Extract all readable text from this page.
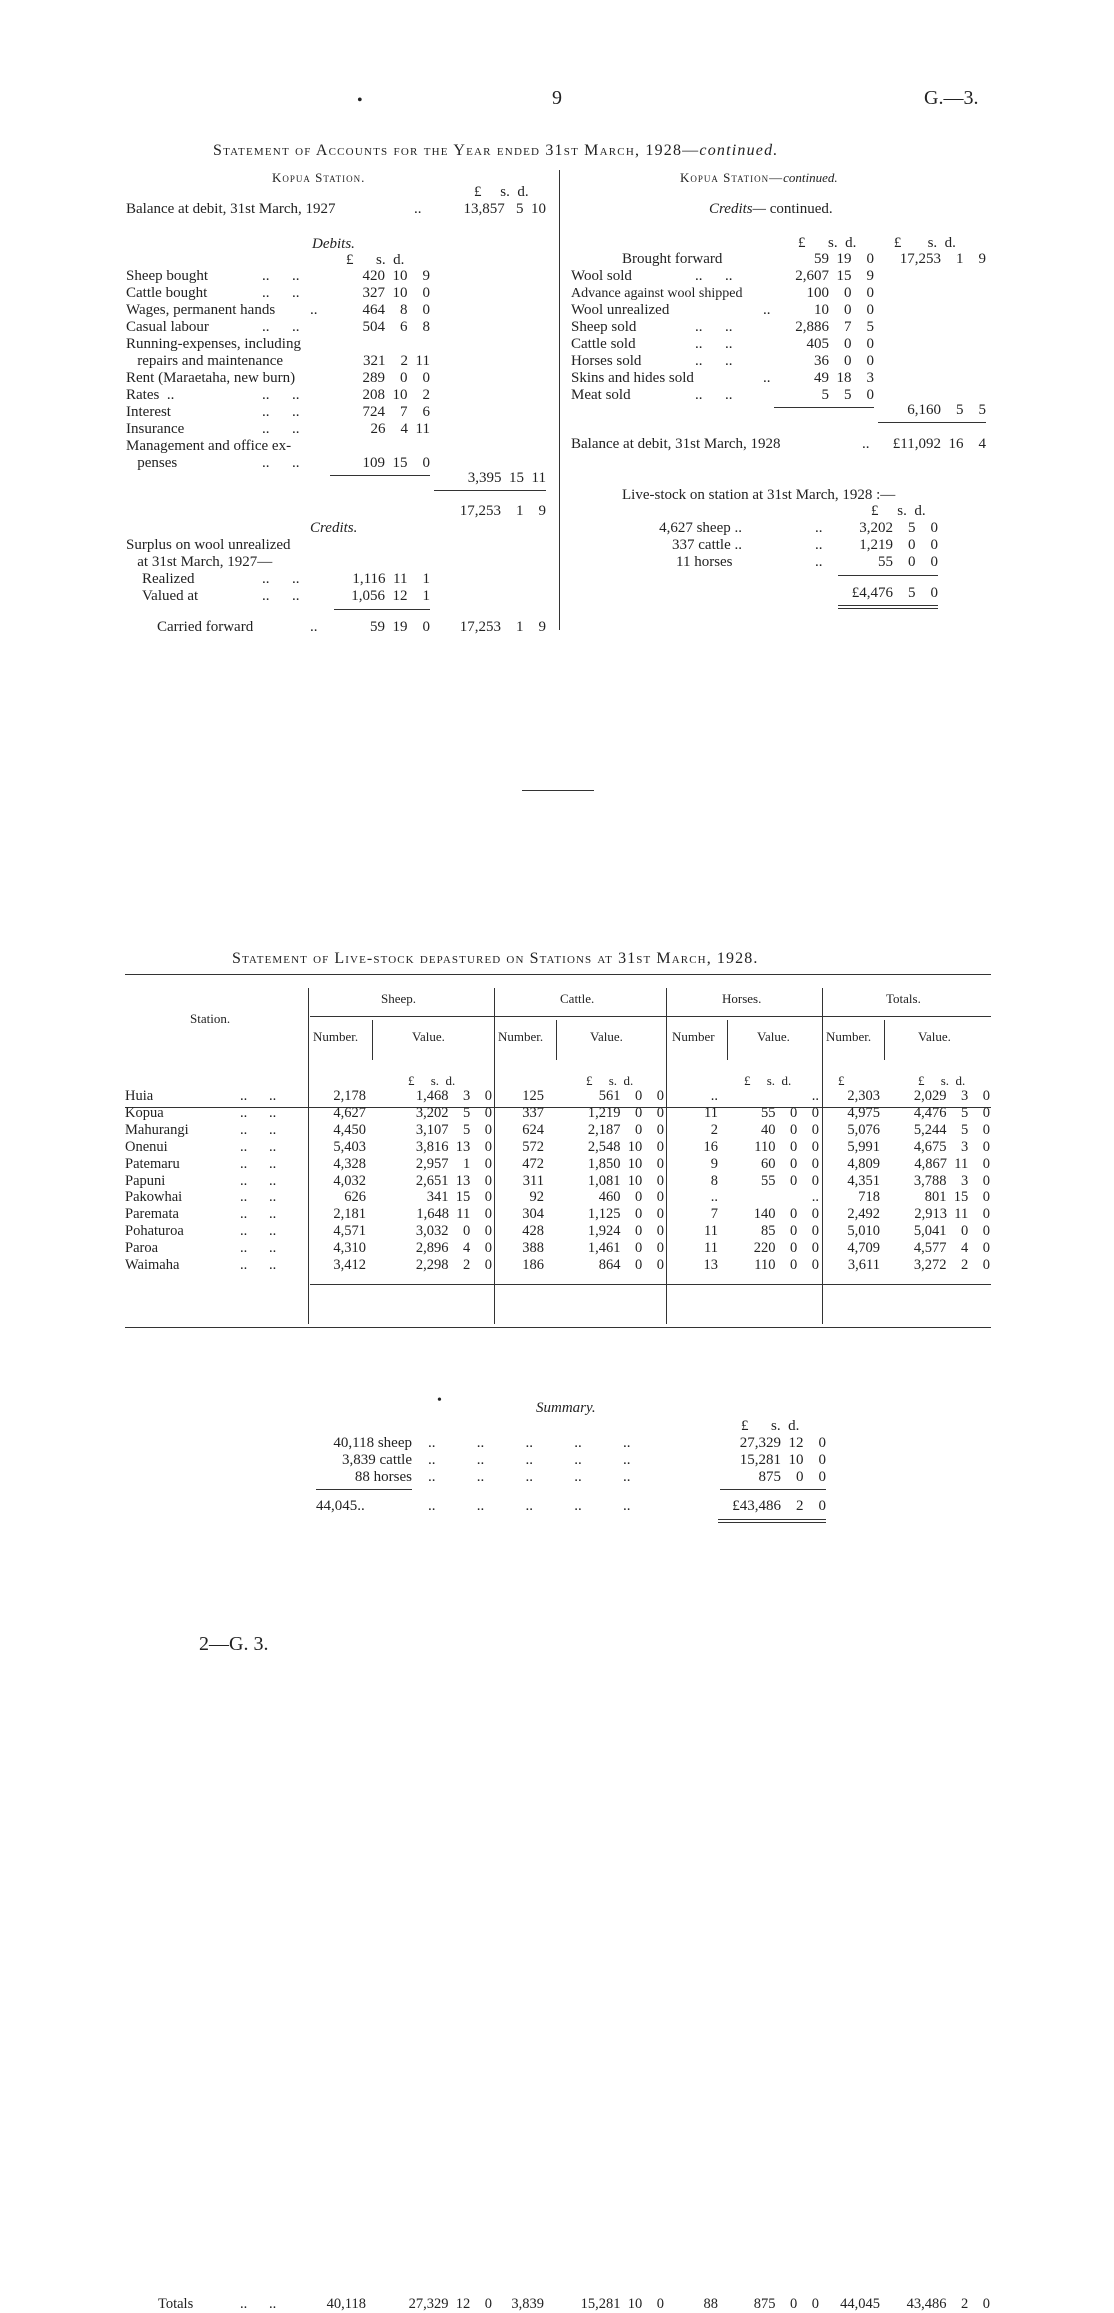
•	9	G.—3.
Statement of Accounts for the Year ended 31st March, 1928—continued.
Kopua Station.
£     s.  d.
Balance at debit, 31st March, 1927	..	13,857   5  10
Debits.
£      s.  d.
Sheep bought	..      ..	420  10    9
Cattle bought	..      ..	327  10    0
Wages, permanent hands ..	464    8    0
Casual labour	..      ..	504    6    8
Running-expenses, including
repairs and maintenance	321    2  11
Rent (Maraetaha, new burn)	289    0    0
Rates  ..	..      ..	208  10    2
Interest	..      ..	724    7    6
Insurance	..      ..	26    4  11
Management and office ex-
penses	..      ..	109  15    0
3,395  15  11
17,253    1    9
Credits.
Surplus on wool unrealized
at 31st March, 1927—
Realized	..      ..	1,116  11    1
Valued at	..      ..	1,056  12    1
Carried forward	..	59  19    0	17,253    1    9
Kopua Station—continued.
Credits— continued.
£      s.  d.          £       s.  d.
Brought forward	59  19    0	17,253    1    9
Wool sold	..      ..	2,607  15    9
Advance against wool shipped	100    0    0
Wool unrealized	..	10    0    0
Sheep sold	..      ..	2,886    7    5
Cattle sold	..      ..	405    0    0
Horses sold	..      ..	36    0    0
Skins and hides sold	..	49  18    3
Meat sold	..      ..	5    5    0
6,160    5    5
Balance at debit, 31st March, 1928	..	£11,092  16    4
Live-stock on station at 31st March, 1928 :—
£     s.  d.
4,627 sheep ..	..	3,202    5    0
337 cattle ..	..	1,219    0    0
11 horses	..	55    0    0
£4,476    5    0
Statement of Live-stock depastured on Stations at 31st March, 1928.
Station.
Sheep.	Cattle.	Horses.	Totals.
Number.	Value.	Number.	Value.	Number	Value.	Number.	Value.
£     s.  d.	£     s.  d.	£     s.  d.	£	£     s.  d.
Huia	..      ..	2,178	1,468    3    0	125	561    0    0	..	..	2,303	2,029    3    0
Kopua	..      ..	4,627	3,202    5    0	337	1,219    0    0	11	55    0    0	4,975	4,476    5    0
Mahurangi	..      ..	4,450	3,107    5    0	624	2,187    0    0	2	40    0    0	5,076	5,244    5    0
Onenui	..      ..	5,403	3,816  13    0	572	2,548  10    0	16	110    0    0	5,991	4,675    3    0
Patemaru	..      ..	4,328	2,957    1    0	472	1,850  10    0	9	60    0    0	4,809	4,867  11    0
Papuni	..      ..	4,032	2,651  13    0	311	1,081  10    0	8	55    0    0	4,351	3,788    3    0
Pakowhai	..      ..	626	341  15    0	92	460    0    0	..	..	718	801  15    0
Paremata	..      ..	2,181	1,648  11    0	304	1,125    0    0	7	140    0    0	2,492	2,913  11    0
Pohaturoa	..      ..	4,571	3,032    0    0	428	1,924    0    0	11	85    0    0	5,010	5,041    0    0
Paroa	..      ..	4,310	2,896    4    0	388	1,461    0    0	11	220    0    0	4,709	4,577    4    0
Waimaha	..      ..	3,412	2,298    2    0	186	864    0    0	13	110    0    0	3,611	3,272    2    0
Totals	..      ..	40,118	27,329  12    0	3,839	15,281  10    0	88	875    0    0	44,045	43,486    2    0
•	Summary.
£      s.  d.
40,118 sheep ..           ..           ..           ..           ..	27,329  12    0
3,839 cattle ..           ..           ..           ..           ..	15,281  10    0
88 horses ..           ..           ..           ..           ..	875    0    0
44,045..	..           ..           ..           ..           ..	£43,486    2    0
2—G. 3.
